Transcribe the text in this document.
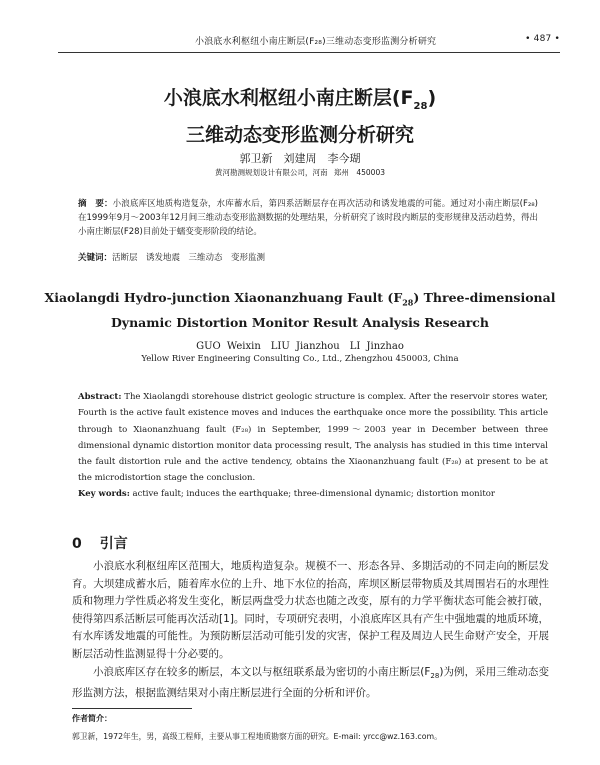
小浪底水利枢纽小南庄断层(F₂₈)三维动态变形监测分析研究	• 487 •
小浪底水利枢纽小南庄断层$(F_{28})$
三维动态变形监测分析研究
郭卫新　刘建周　李今瑚
黄河勘测规划设计有限公司，河南 郑州　450003
摘　要：小浪底库区地质构造复杂，水库蓄水后，第四系活断层存在再次活动和诱发地震的可能。通过对小南庄断层(F₂₈)在1999年9月～2003年12月间三维动态变形监测数据的处理结果，分析研究了该时段内断层的变形规律及活动趋势，得出小南庄断层(F28)目前处于蠕变变形阶段的结论。
关键词：活断层　诱发地震　三维动态　变形监测
Xiaolangdi Hydro-junction Xiaonanzhuang Fault $(F_{28})$ Three-dimensional
Dynamic Distortion Monitor Result Analysis Research
GUO Weixin　LIU Jianzhou　LI Jinzhao
Yellow River Engineering Consulting Co., Ltd., Zhengzhou 450003, China
Abstract: The Xiaolangdi storehouse district geologic structure is complex. After the reservoir stores water, Fourth is the active fault existence moves and induces the earthquake once more the possibility. This article through to Xiaonanzhuang fault (F₂₈) in September, 1999～2003 year in December between three dimensional dynamic distortion monitor data processing result, The analysis has studied in this time interval the fault distortion rule and the active tendency, obtains the Xiaonanzhuang fault (F₂₈) at present to be at the microdistortion stage the conclusion.
Key words: active fault; induces the earthquake; three-dimensional dynamic; distortion monitor
0 引言

小浪底水利枢纽库区范围大，地质构造复杂。规模不一、形态各异、多期活动的不同走向的断层发育。大坝建成蓄水后，随着库水位的上升、地下水位的抬高，库坝区断层带物质及其周围岩石的水理性质和物理力学性质必将发生变化，断层两盘受力状态也随之改变，原有的力学平衡状态可能会被打破，使得第四系活断层可能再次活动[1]。同时，专项研究表明，小浪底库区具有产生中强地震的地质环境，有水库诱发地震的可能性。为预防断层活动可能引发的灾害，保护工程及周边人民生命财产安全，开展断层活动性监测显得十分必要的。

小浪底库区存在较多的断层，本文以与枢纽联系最为密切的小南庄断层$(F_{28})$为例，采用三维动态变形监测方法，根据监测结果对小南庄断层进行全面的分析和评价。

作者简介：
郭卫新，1972年生，男，高级工程师，主要从事工程地质勘察方面的研究。E-mail: yrcc@wz.163.com。
